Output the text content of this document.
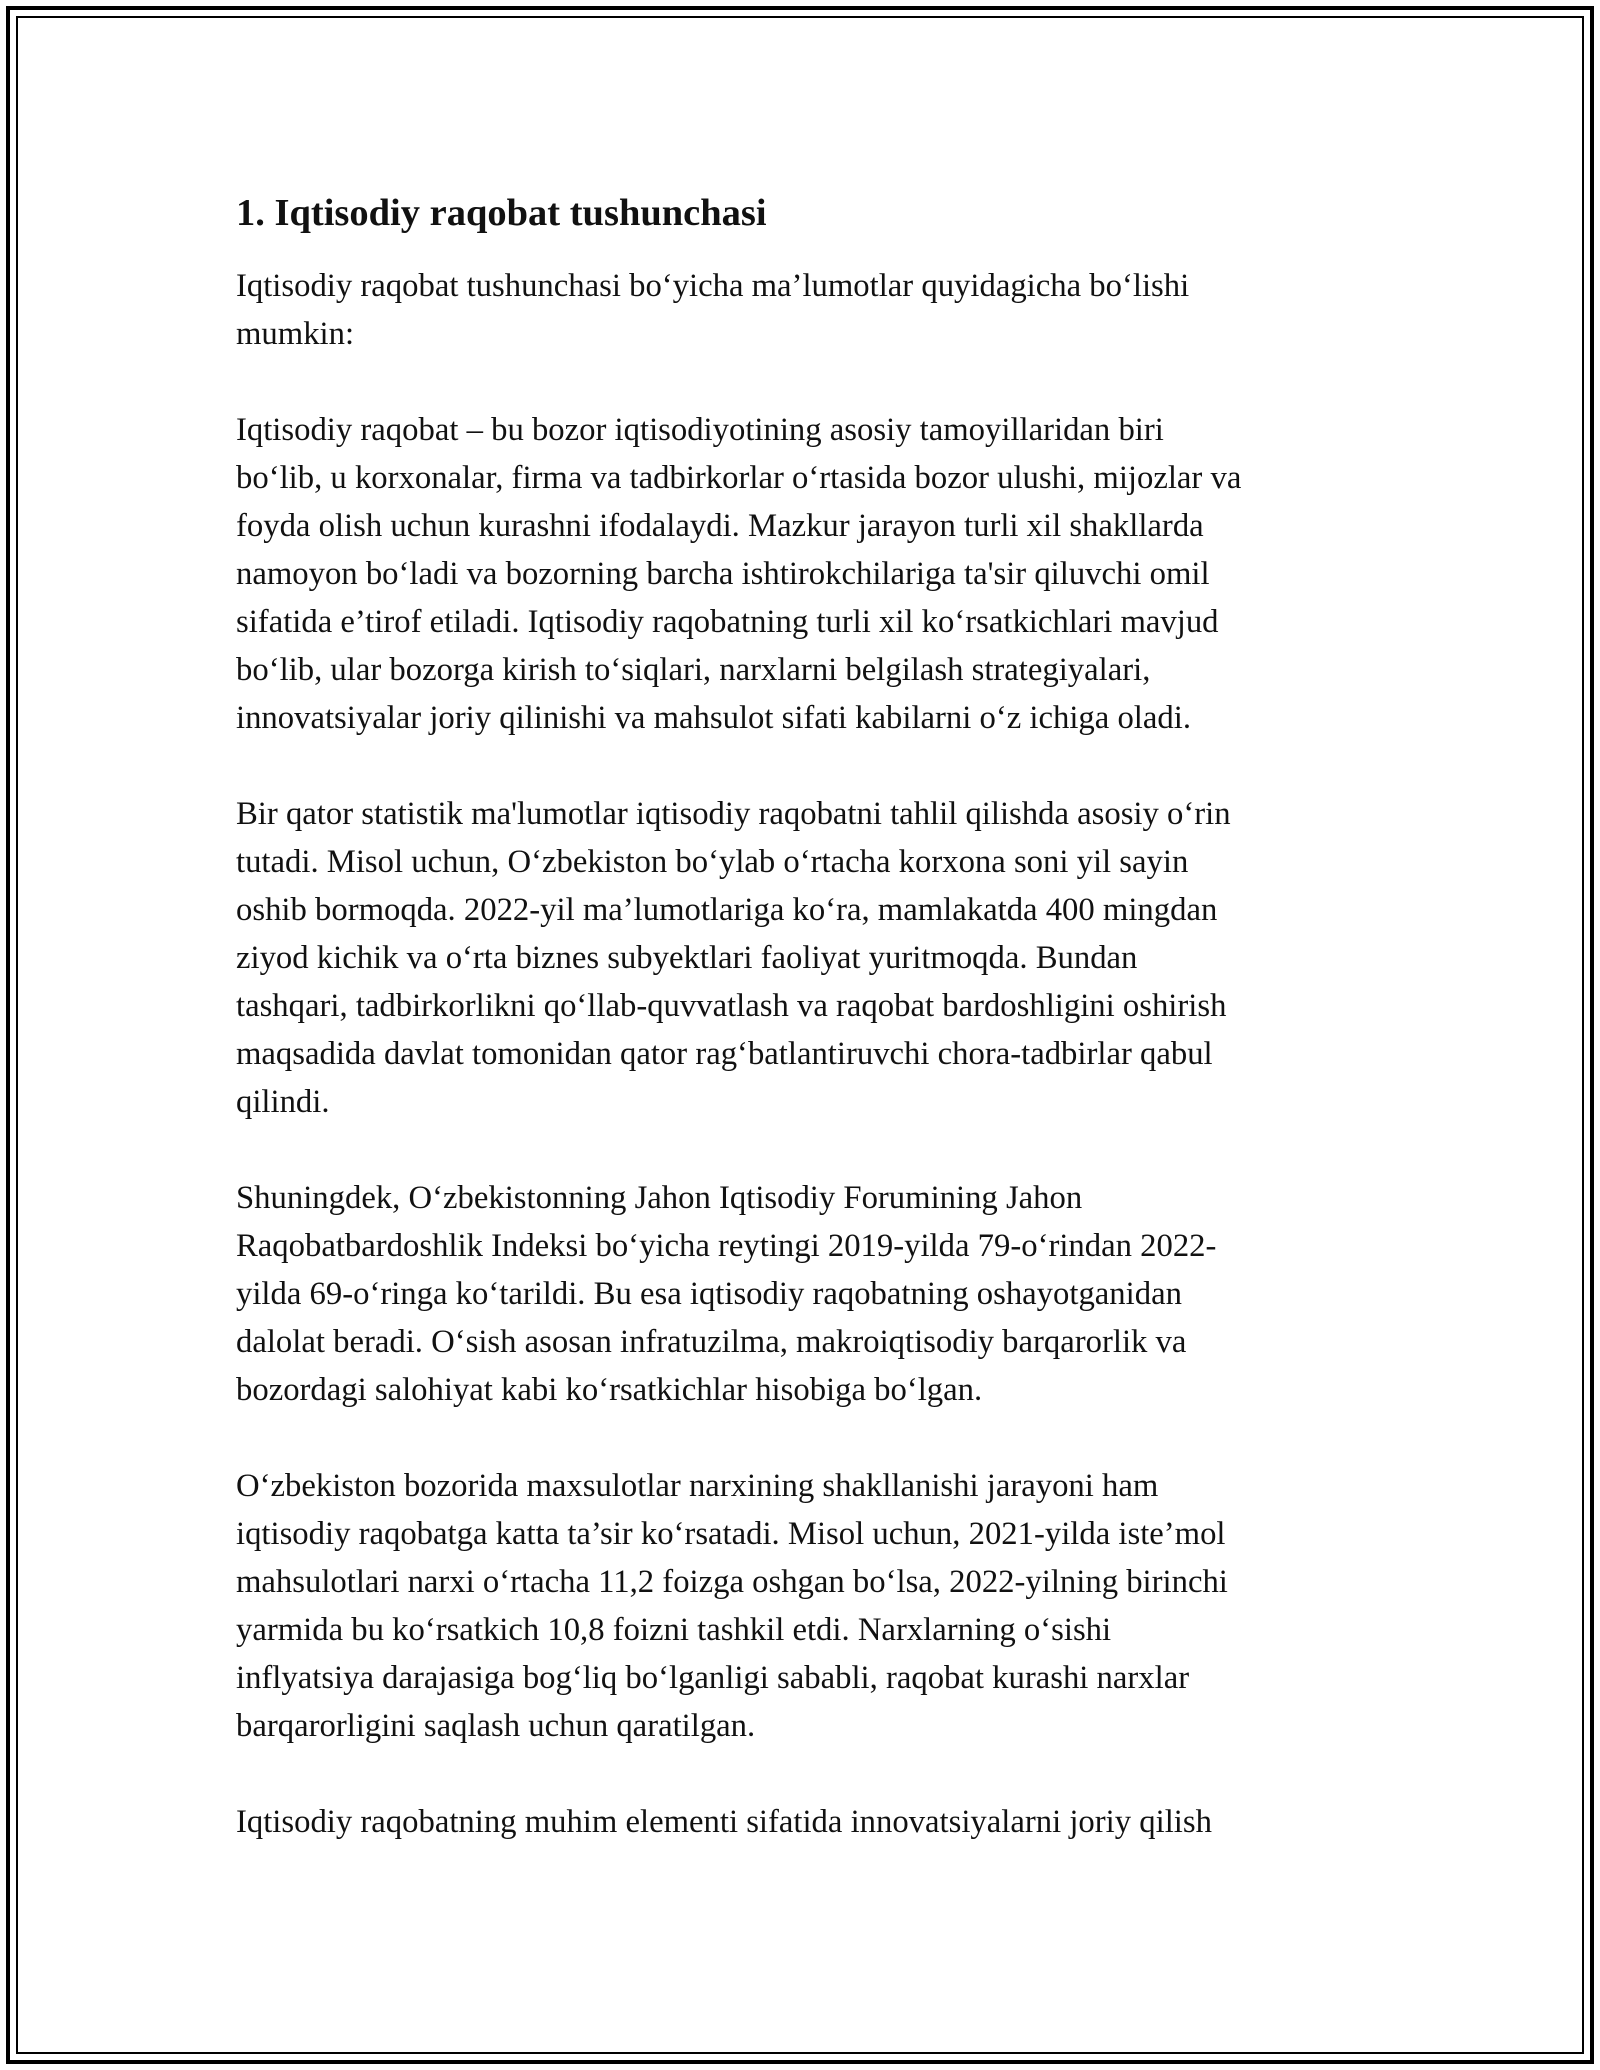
1. Iqtisodiy raqobat tushunchasi
Iqtisodiy raqobat tushunchasi bo‘yicha ma’lumotlar quyidagicha bo‘lishi
mumkin:
Iqtisodiy raqobat – bu bozor iqtisodiyotining asosiy tamoyillaridan biri
bo‘lib, u korxonalar, firma va tadbirkorlar o‘rtasida bozor ulushi, mijozlar va
foyda olish uchun kurashni ifodalaydi. Mazkur jarayon turli xil shakllarda
namoyon bo‘ladi va bozorning barcha ishtirokchilariga ta'sir qiluvchi omil
sifatida e’tirof etiladi. Iqtisodiy raqobatning turli xil ko‘rsatkichlari mavjud
bo‘lib, ular bozorga kirish to‘siqlari, narxlarni belgilash strategiyalari,
innovatsiyalar joriy qilinishi va mahsulot sifati kabilarni o‘z ichiga oladi.
Bir qator statistik ma'lumotlar iqtisodiy raqobatni tahlil qilishda asosiy o‘rin
tutadi. Misol uchun, O‘zbekiston bo‘ylab o‘rtacha korxona soni yil sayin
oshib bormoqda. 2022-yil ma’lumotlariga ko‘ra, mamlakatda 400 mingdan
ziyod kichik va o‘rta biznes subyektlari faoliyat yuritmoqda. Bundan
tashqari, tadbirkorlikni qo‘llab-quvvatlash va raqobat bardoshligini oshirish
maqsadida davlat tomonidan qator rag‘batlantiruvchi chora-tadbirlar qabul
qilindi.
Shuningdek, O‘zbekistonning Jahon Iqtisodiy Forumining Jahon
Raqobatbardoshlik Indeksi bo‘yicha reytingi 2019-yilda 79-o‘rindan 2022-
yilda 69-o‘ringa ko‘tarildi. Bu esa iqtisodiy raqobatning oshayotganidan
dalolat beradi. O‘sish asosan infratuzilma, makroiqtisodiy barqarorlik va
bozordagi salohiyat kabi ko‘rsatkichlar hisobiga bo‘lgan.
O‘zbekiston bozorida maxsulotlar narxining shakllanishi jarayoni ham
iqtisodiy raqobatga katta ta’sir ko‘rsatadi. Misol uchun, 2021-yilda iste’mol
mahsulotlari narxi o‘rtacha 11,2 foizga oshgan bo‘lsa, 2022-yilning birinchi
yarmida bu ko‘rsatkich 10,8 foizni tashkil etdi. Narxlarning o‘sishi
inflyatsiya darajasiga bog‘liq bo‘lganligi sababli, raqobat kurashi narxlar
barqarorligini saqlash uchun qaratilgan.
Iqtisodiy raqobatning muhim elementi sifatida innovatsiyalarni joriy qilish
